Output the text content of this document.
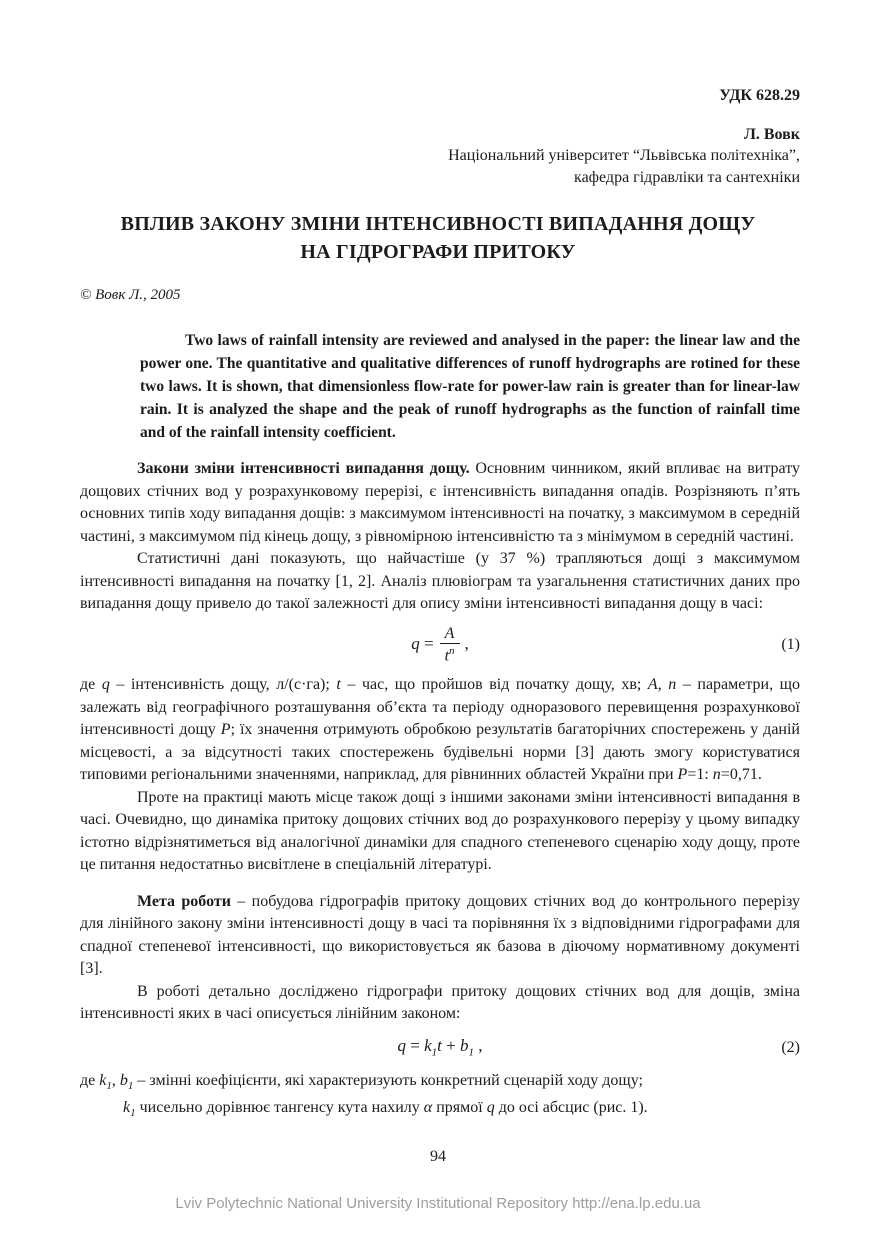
УДК 628.29
Л. Вовк
Національний університет “Львівська політехніка”,
кафедра гідравліки та сантехніки
ВПЛИВ ЗАКОНУ ЗМІНИ ІНТЕНСИВНОСТІ ВИПАДАННЯ ДОЩУ
НА ГІДРОГРАФИ ПРИТОКУ
© Вовк Л., 2005
Two laws of rainfall intensity are reviewed and analysed in the paper: the linear law and the power one. The quantitative and qualitative differences of runoff hydrographs are rotined for these two laws. It is shown, that dimensionless flow-rate for power-law rain is greater than for linear-law rain. It is analyzed the shape and the peak of runoff hydrographs as the function of rainfall time and of the rainfall intensity coefficient.

Закони зміни інтенсивності випадання дощу. Основним чинником, який впливає на витрату дощових стічних вод у розрахунковому перерізі, є інтенсивність випадання опадів. Розрізняють п’ять основних типів ходу випадання дощів: з максимумом інтенсивності на початку, з максимумом в середній частині, з максимумом під кінець дощу, з рівномірною інтенсивністю та з мінімумом в середній частині.

Статистичні дані показують, що найчастіше (у 37 %) трапляються дощі з максимумом інтенсивності випадання на початку [1, 2]. Аналіз плювіограм та узагальнення статистичних даних про випадання дощу привело до такої залежності для опису зміни інтенсивності випадання дощу в часі:

$q = \frac{A}{t^n}$ ,	(1)

де q – інтенсивність дощу, л/(с·га); t – час, що пройшов від початку дощу, хв; A, n – параметри, що залежать від географічного розташування об’єкта та періоду одноразового перевищення розрахункової інтенсивності дощу P; їх значення отримують обробкою результатів багаторічних спостережень у даній місцевості, а за відсутності таких спостережень будівельні норми [3] дають змогу користуватися типовими регіональними значеннями, наприклад, для рівнинних областей України при P=1: n=0,71.

Проте на практиці мають місце також дощі з іншими законами зміни інтенсивності випадання в часі. Очевидно, що динаміка притоку дощових стічних вод до розрахункового перерізу у цьому випадку істотно відрізнятиметься від аналогічної динаміки для спадного степеневого сценарію ходу дощу, проте це питання недостатньо висвітлене в спеціальній літературі.

Мета роботи – побудова гідрографів притоку дощових стічних вод до контрольного перерізу для лінійного закону зміни інтенсивності дощу в часі та порівняння їх з відповідними гідрографами для спадної степеневої інтенсивності, що використовується як базова в діючому нормативному документі [3].

В роботі детально досліджено гідрографи притоку дощових стічних вод для дощів, зміна інтенсивності яких в часі описується лінійним законом:

$q = k_1t + b_1$ ,	(2)

де $k_1$, $b_1$ – змінні коефіцієнти, які характеризують конкретний сценарій ходу дощу;

$k_1$ чисельно дорівнює тангенсу кута нахилу α прямої q до осі абсцис (рис. 1).

94
Lviv Polytechnic National University Institutional Repository http://ena.lp.edu.ua
